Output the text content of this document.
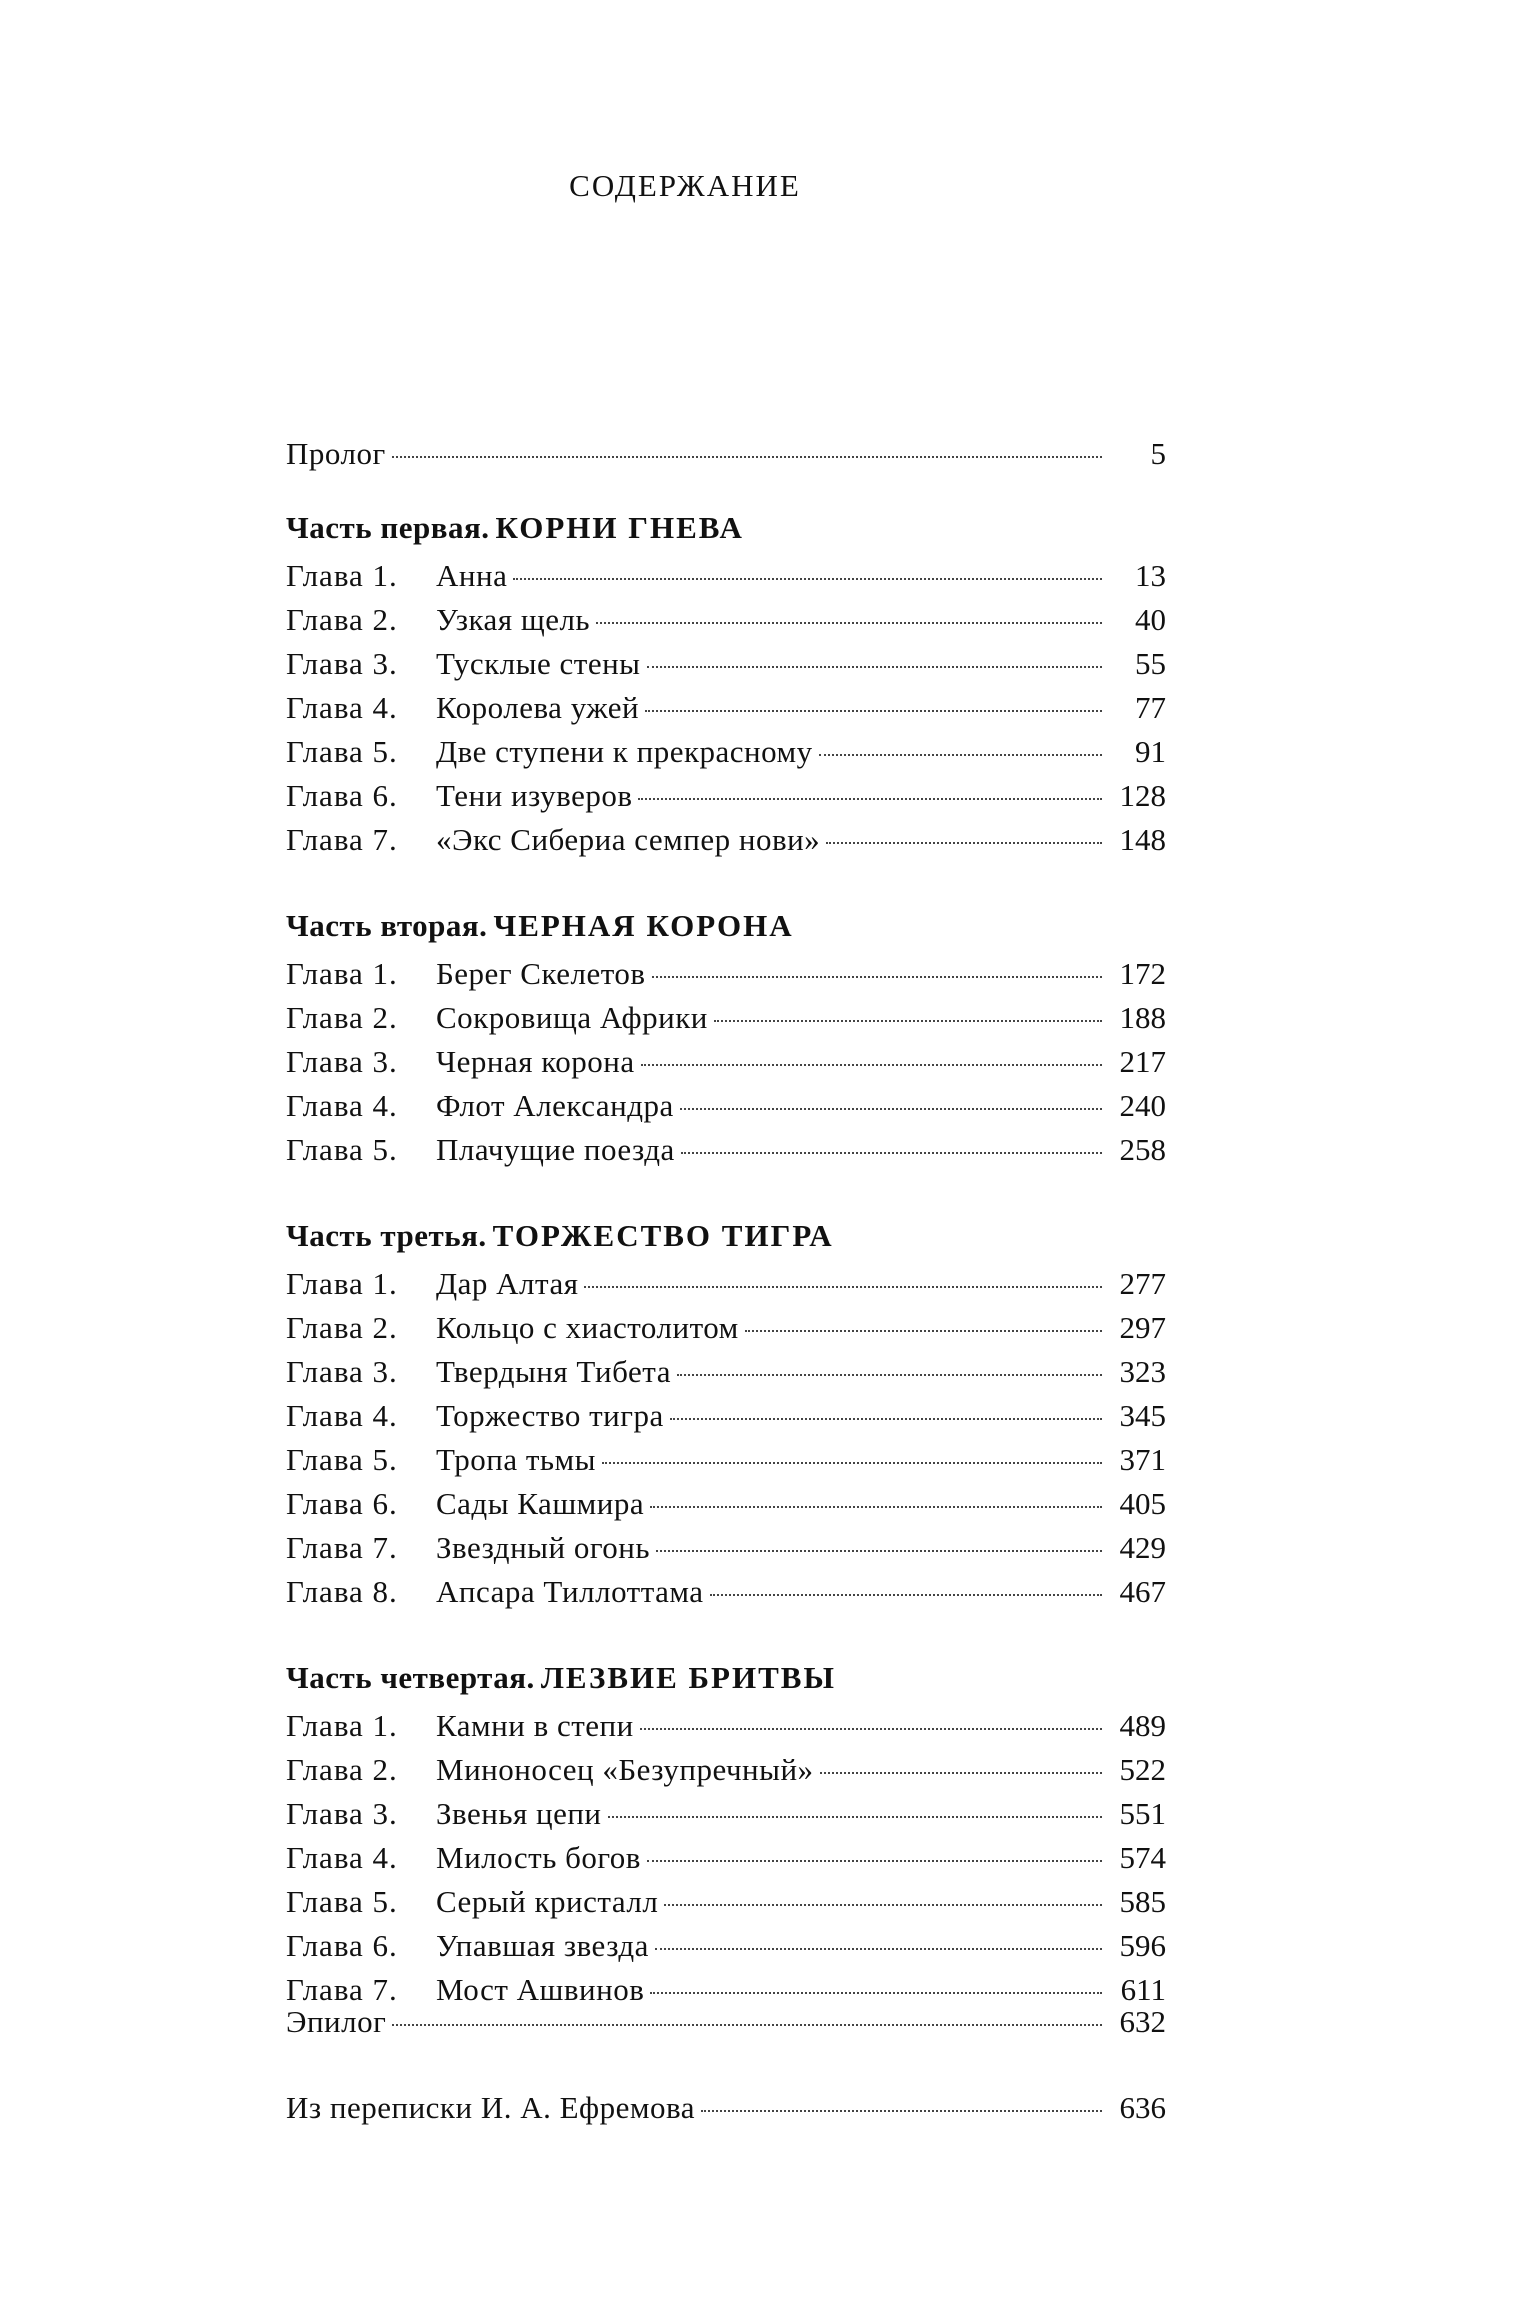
СОДЕРЖАНИЕ
Пролог	5
Часть первая. КОРНИ ГНЕВА
Глава 1.	Анна	13
Глава 2.	Узкая щель	40
Глава 3.	Тусклые стены	55
Глава 4.	Королева ужей	77
Глава 5.	Две ступени к прекрасному	91
Глава 6.	Тени изуверов	128
Глава 7.	«Экс Сибериа семпер нови»	148
Часть вторая. ЧЕРНАЯ КОРОНА
Глава 1.	Берег Скелетов	172
Глава 2.	Сокровища Африки	188
Глава 3.	Черная корона	217
Глава 4.	Флот Александра	240
Глава 5.	Плачущие поезда	258
Часть третья. ТОРЖЕСТВО ТИГРА
Глава 1.	Дар Алтая	277
Глава 2.	Кольцо с хиастолитом	297
Глава 3.	Твердыня Тибета	323
Глава 4.	Торжество тигра	345
Глава 5.	Тропа тьмы	371
Глава 6.	Сады Кашмира	405
Глава 7.	Звездный огонь	429
Глава 8.	Апсара Тиллоттама	467
Часть четвертая. ЛЕЗВИЕ БРИТВЫ
Глава 1.	Камни в степи	489
Глава 2.	Миноносец «Безупречный»	522
Глава 3.	Звенья цепи	551
Глава 4.	Милость богов	574
Глава 5.	Серый кристалл	585
Глава 6.	Упавшая звезда	596
Глава 7.	Мост Ашвинов	611
Эпилог	632
Из переписки И. А. Ефремова	636
